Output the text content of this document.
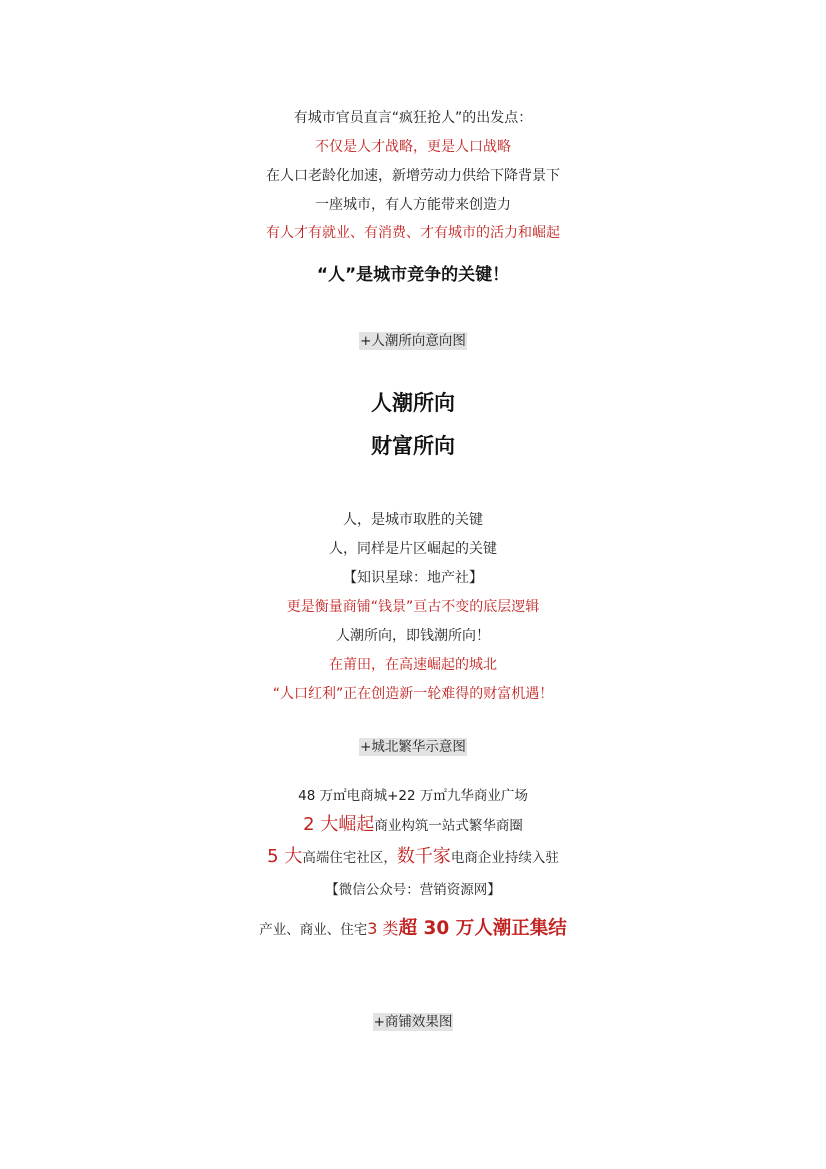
有城市官员直言“疯狂抢人”的出发点：
不仅是人才战略，更是人口战略
在人口老龄化加速，新增劳动力供给下降背景下
一座城市，有人方能带来创造力
有人才有就业、有消费、才有城市的活力和崛起
“人”是城市竞争的关键！
+人潮所向意向图
人潮所向
财富所向
人，是城市取胜的关键
人，同样是片区崛起的关键
【知识星球：地产社】
更是衡量商铺“钱景”亘古不变的底层逻辑
人潮所向，即钱潮所向！
在莆田，在高速崛起的城北
“人口红利”正在创造新一轮难得的财富机遇！
+城北繁华示意图
48 万㎡电商城+22 万㎡九华商业广场
2 大崛起商业构筑一站式繁华商圈
5 大高端住宅社区，数千家电商企业持续入驻
【微信公众号：营销资源网】
产业、商业、住宅3 类超 30 万人潮正集结
+商铺效果图
